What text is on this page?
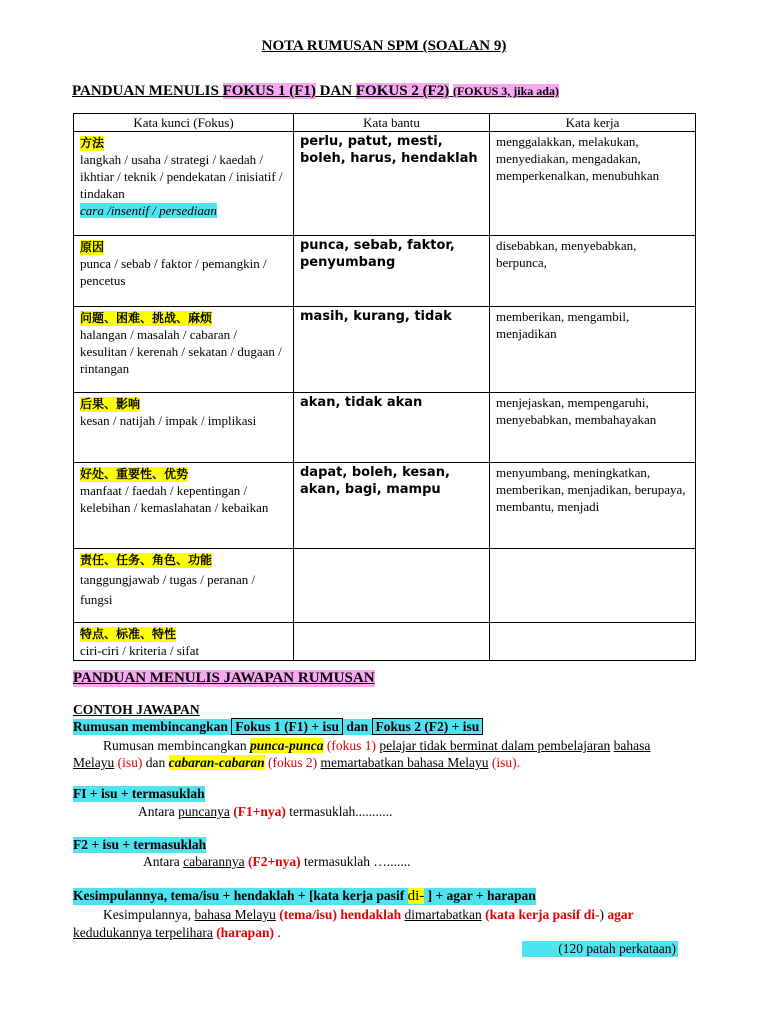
NOTA RUMUSAN SPM (SOALAN 9)
PANDUAN MENULIS FOKUS 1 (F1) DAN FOKUS 2 (F2) (FOKUS 3, jika ada)
Kata kunci (Fokus)	Kata bantu	Kata kerja
方法
langkah / usaha / strategi / kaedah / ikhtiar / teknik / pendekatan / inisiatif / tindakan
cara /insentif / persediaan	perlu, patut, mesti, boleh, harus, hendaklah	menggalakkan, melakukan, menyediakan, mengadakan, memperkenalkan, menubuhkan
原因
punca / sebab / faktor / pemangkin / pencetus	punca, sebab, faktor, penyumbang	disebabkan, menyebabkan, berpunca,
问题、困难、挑战、麻烦
halangan / masalah / cabaran / kesulitan / kerenah / sekatan / dugaan / rintangan	masih, kurang, tidak	memberikan, mengambil, menjadikan
后果、影响
kesan / natijah / impak / implikasi	akan, tidak akan	menjejaskan, mempengaruhi, menyebabkan, membahayakan
好处、重要性、优势
manfaat / faedah / kepentingan / kelebihan / kemaslahatan / kebaikan	dapat, boleh, kesan, akan, bagi, mampu	menyumbang, meningkatkan, memberikan, menjadikan, berupaya, membantu, menjadi
责任、任务、角色、功能
tanggungjawab / tugas / peranan / fungsi		
特点、标准、特性
ciri-ciri / kriteria / sifat		
PANDUAN MENULIS JAWAPAN RUMUSAN
CONTOH JAWAPAN
Rumusan membincangkan Fokus 1 (F1) + isu dan Fokus 2 (F2) + isu
Rumusan membincangkan punca-punca (fokus 1) pelajar tidak berminat dalam pembelajaran bahasa Melayu (isu) dan cabaran-cabaran (fokus 2) memartabatkan bahasa Melayu (isu).
FI + isu + termasuklah
Antara puncanya (F1+nya) termasuklah...........
F2 + isu + termasuklah
Antara cabarannya (F2+nya) termasuklah ….......
Kesimpulannya, tema/isu + hendaklah + [kata kerja pasif di- ] + agar + harapan
Kesimpulannya, bahasa Melayu (tema/isu) hendaklah dimartabatkan (kata kerja pasif di-) agar kedudukannya terpelihara (harapan) .
(120 patah perkataan)
